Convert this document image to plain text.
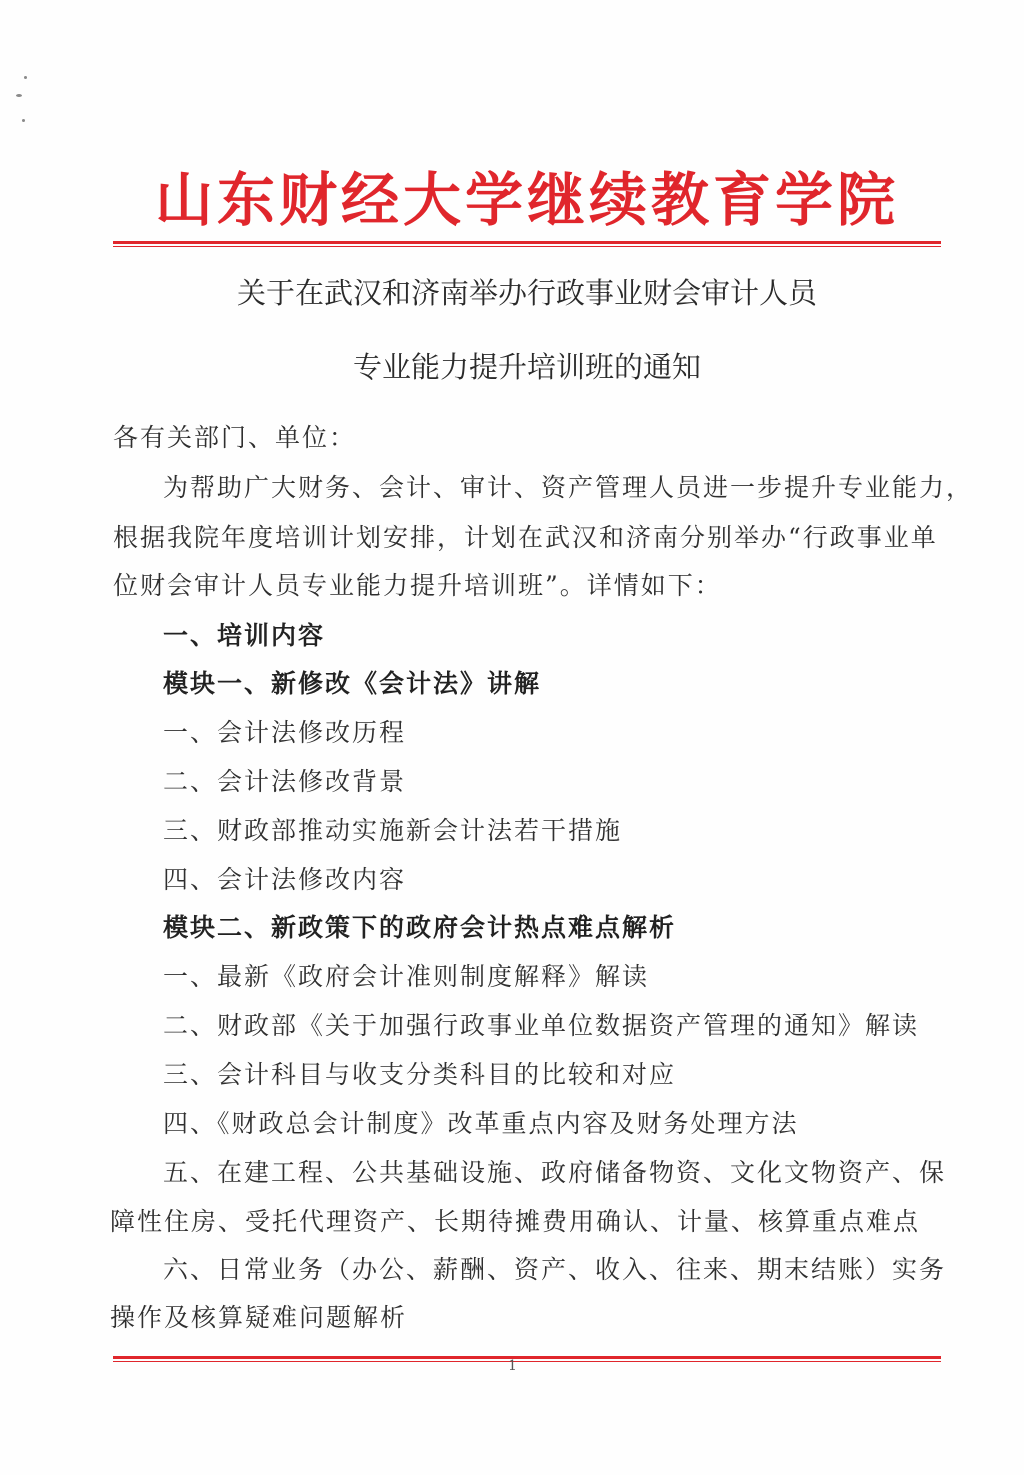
山东财经大学继续教育学院
关于在武汉和济南举办行政事业财会审计人员
专业能力提升培训班的通知
各有关部门、单位：
为帮助广大财务、会计、审计、资产管理人员进一步提升专业能力，
根据我院年度培训计划安排，计划在武汉和济南分别举办“行政事业单
位财会审计人员专业能力提升培训班”。详情如下：
一、培训内容
模块一、新修改《会计法》讲解
一、会计法修改历程
二、会计法修改背景
三、财政部推动实施新会计法若干措施
四、会计法修改内容
模块二、新政策下的政府会计热点难点解析
一、最新《政府会计准则制度解释》解读
二、财政部《关于加强行政事业单位数据资产管理的通知》解读
三、会计科目与收支分类科目的比较和对应
四、《财政总会计制度》改革重点内容及财务处理方法
五、在建工程、公共基础设施、政府储备物资、文化文物资产、保
障性住房、受托代理资产、长期待摊费用确认、计量、核算重点难点
六、日常业务（办公、薪酬、资产、收入、往来、期末结账）实务
操作及核算疑难问题解析
1
